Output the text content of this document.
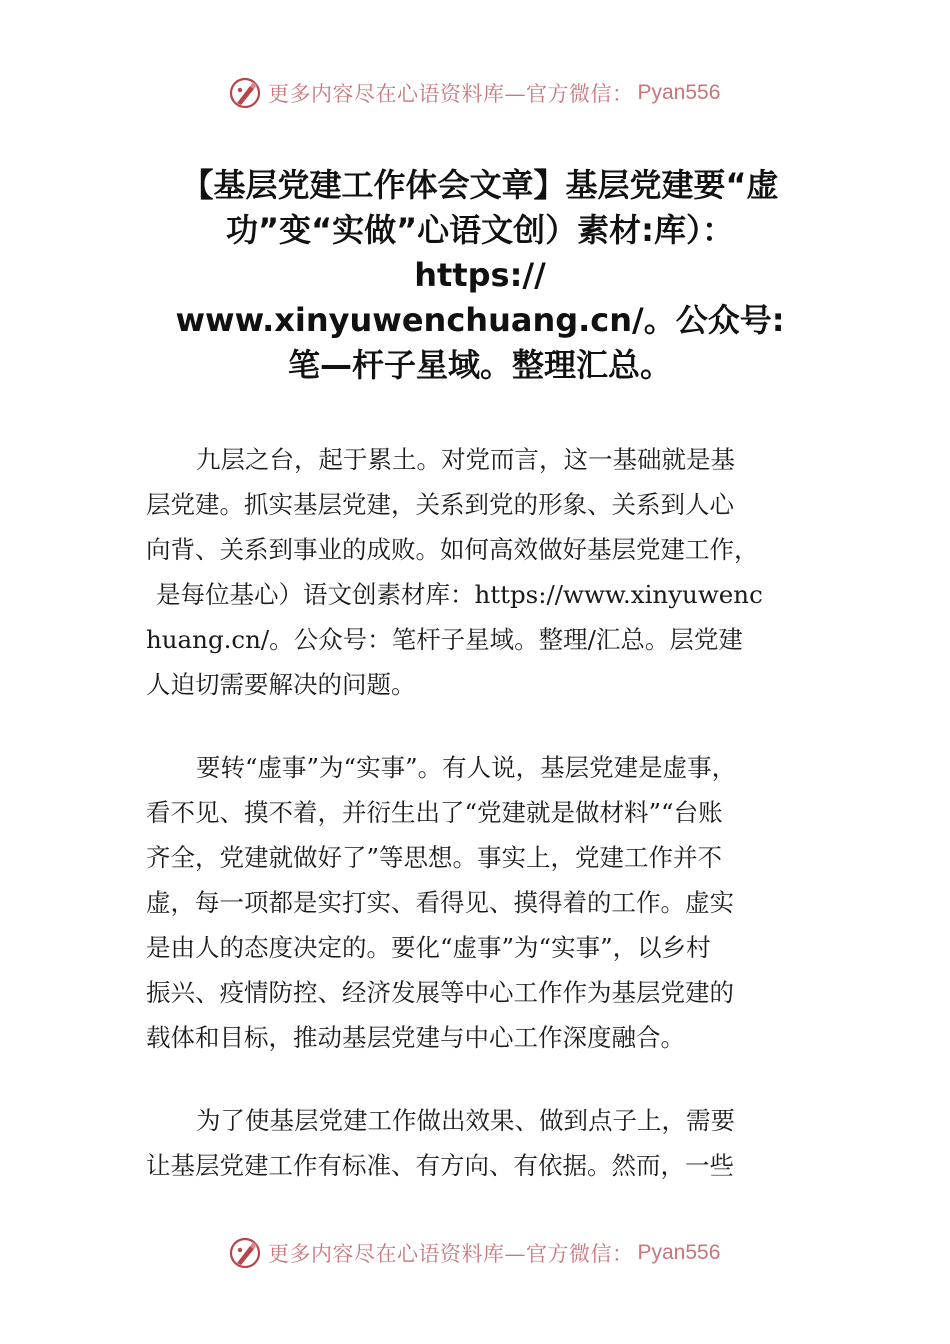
更多内容尽在心语资料库—官方微信： Pyan556
【基层党建工作体会文章】基层党建要“虚
功”变“实做”心语文创）素材:库）：
https://
www.xinyuwenchuang.cn/。公众号:
笔—杆子星域。整理汇总。
九层之台，起于累土。对党而言，这一基础就是基
层党建。抓实基层党建，关系到党的形象、关系到人心
向背、关系到事业的成败。如何高效做好基层党建工作，
是每位基心）语文创素材库：https://www.xinyuwenc
huang.cn/。公众号：笔杆子星域。整理/汇总。层党建
人迫切需要解决的问题。
要转“虚事”为“实事”。有人说，基层党建是虚事，
看不见、摸不着，并衍生出了“党建就是做材料”“台账
齐全，党建就做好了”等思想。事实上，党建工作并不
虚，每一项都是实打实、看得见、摸得着的工作。虚实
是由人的态度决定的。要化“虚事”为“实事”，以乡村
振兴、疫情防控、经济发展等中心工作作为基层党建的
载体和目标，推动基层党建与中心工作深度融合。
为了使基层党建工作做出效果、做到点子上，需要
让基层党建工作有标准、有方向、有依据。然而，一些
更多内容尽在心语资料库—官方微信： Pyan556
